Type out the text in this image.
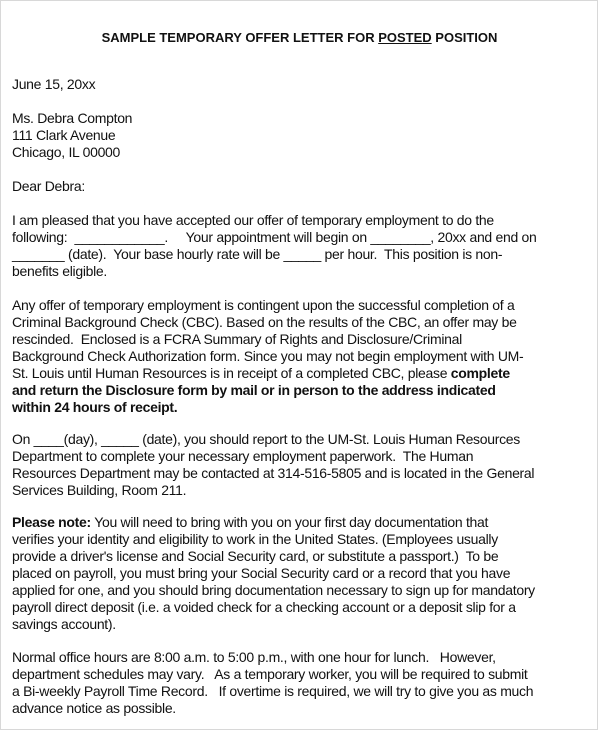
SAMPLE TEMPORARY OFFER LETTER FOR POSTED POSITION
June 15, 20xx
Ms. Debra Compton
111 Clark Avenue
Chicago, IL 00000
Dear Debra:
I am pleased that you have accepted our offer of temporary employment to do the
following:  ____________.     Your appointment will begin on ________, 20xx and end on
_______ (date).  Your base hourly rate will be _____ per hour.  This position is non-
benefits eligible.
Any offer of temporary employment is contingent upon the successful completion of a
Criminal Background Check (CBC). Based on the results of the CBC, an offer may be
rescinded.  Enclosed is a FCRA Summary of Rights and Disclosure/Criminal
Background Check Authorization form. Since you may not begin employment with UM-
St. Louis until Human Resources is in receipt of a completed CBC, please complete
and return the Disclosure form by mail or in person to the address indicated
within 24 hours of receipt.
On ____(day), _____ (date), you should report to the UM-St. Louis Human Resources
Department to complete your necessary employment paperwork.  The Human
Resources Department may be contacted at 314-516-5805 and is located in the General
Services Building, Room 211.
Please note: You will need to bring with you on your first day documentation that
verifies your identity and eligibility to work in the United States. (Employees usually
provide a driver's license and Social Security card, or substitute a passport.)  To be
placed on payroll, you must bring your Social Security card or a record that you have
applied for one, and you should bring documentation necessary to sign up for mandatory
payroll direct deposit (i.e. a voided check for a checking account or a deposit slip for a
savings account).
Normal office hours are 8:00 a.m. to 5:00 p.m., with one hour for lunch.   However,
department schedules may vary.   As a temporary worker, you will be required to submit
a Bi-weekly Payroll Time Record.   If overtime is required, we will try to give you as much
advance notice as possible.
